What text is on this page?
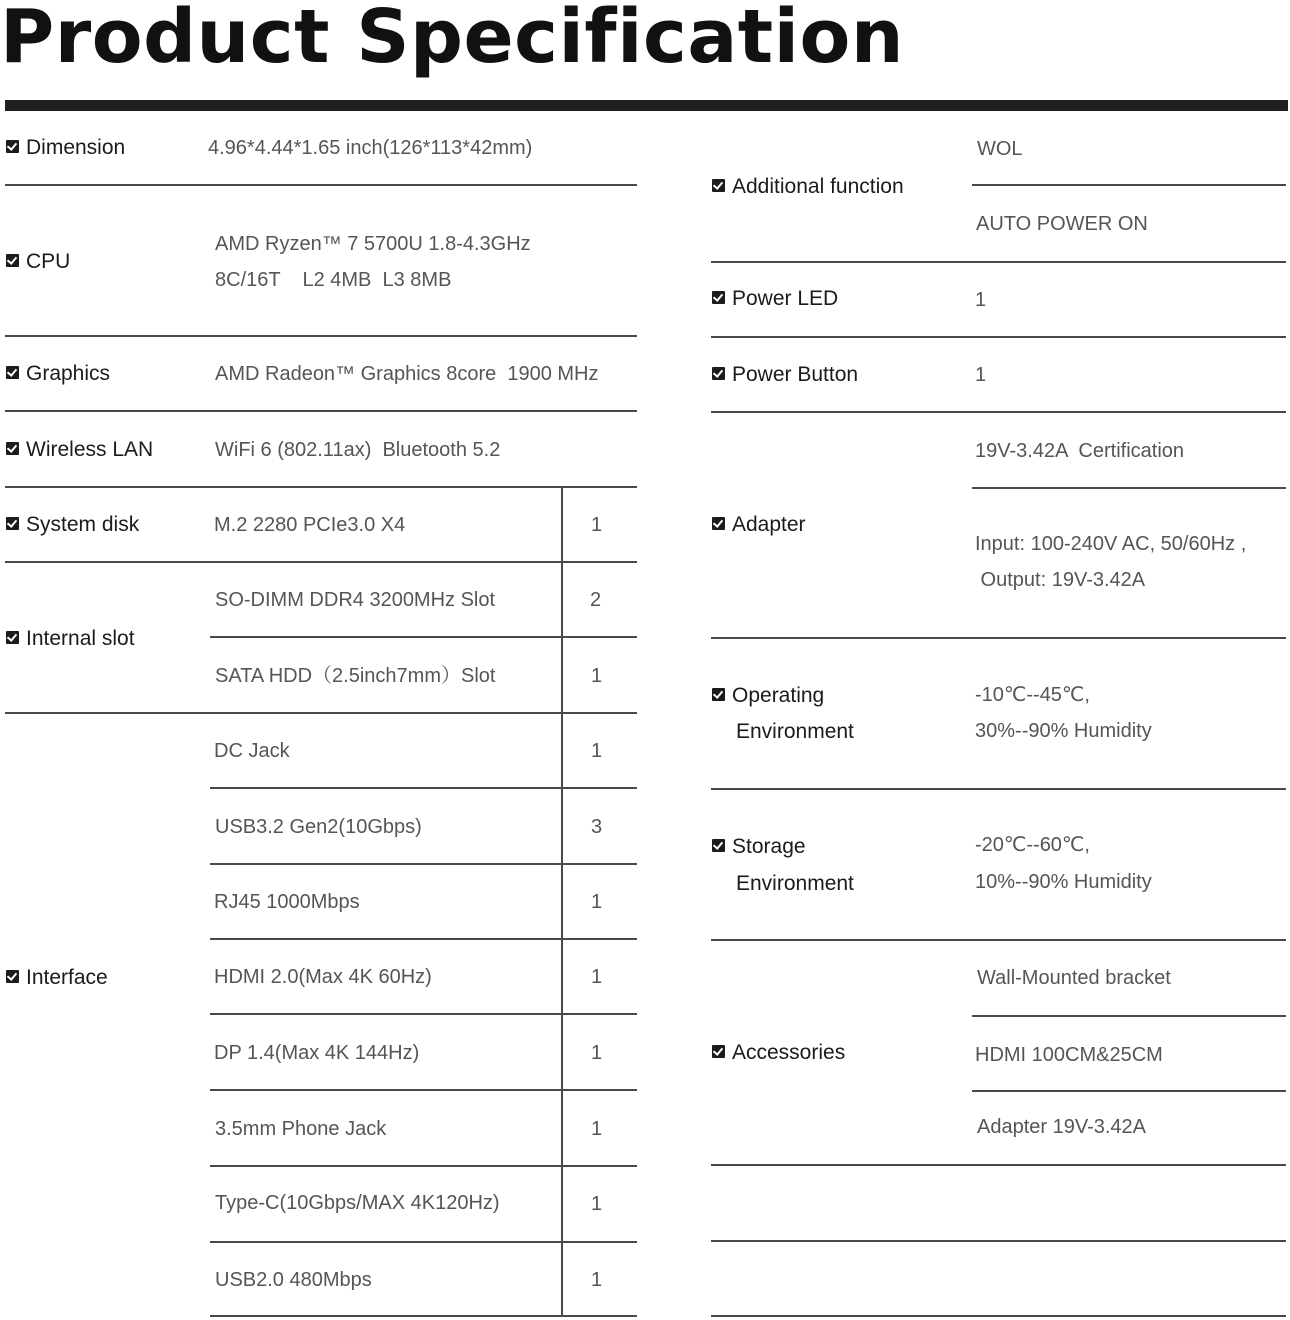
Product Specification
Dimension	4.96*4.44*1.65 inch(126*113*42mm)
CPU
AMD Ryzen™ 7 5700U 1.8-4.3GHz
8C/16T    L2 4MB  L3 8MB
Graphics	AMD Radeon™ Graphics 8core  1900 MHz
Wireless LAN	WiFi 6 (802.11ax)  Bluetooth 5.2
System disk	M.2 2280 PCIe3.0 X4	1
Internal slot
SO-DIMM DDR4 3200MHz Slot	2
SATA HDD（2.5inch7mm）Slot	1
Interface
DC Jack	1
USB3.2 Gen2(10Gbps)	3
RJ45 1000Mbps	1
HDMI 2.0(Max 4K 60Hz)	1
DP 1.4(Max 4K 144Hz)	1
3.5mm Phone Jack	1
Type-C(10Gbps/MAX 4K120Hz)	1
USB2.0 480Mbps	1
Additional function
WOL
AUTO POWER ON
Power LED	1
Power Button	1
Adapter
19V-3.42A  Certification
Input: 100-240V AC, 50/60Hz ,
Output: 19V-3.42A
Operating
Environment
-10℃--45℃,
30%--90% Humidity
Storage
Environment
-20℃--60℃,
10%--90% Humidity
Accessories
Wall-Mounted bracket
HDMI 100CM&25CM
Adapter 19V-3.42A
